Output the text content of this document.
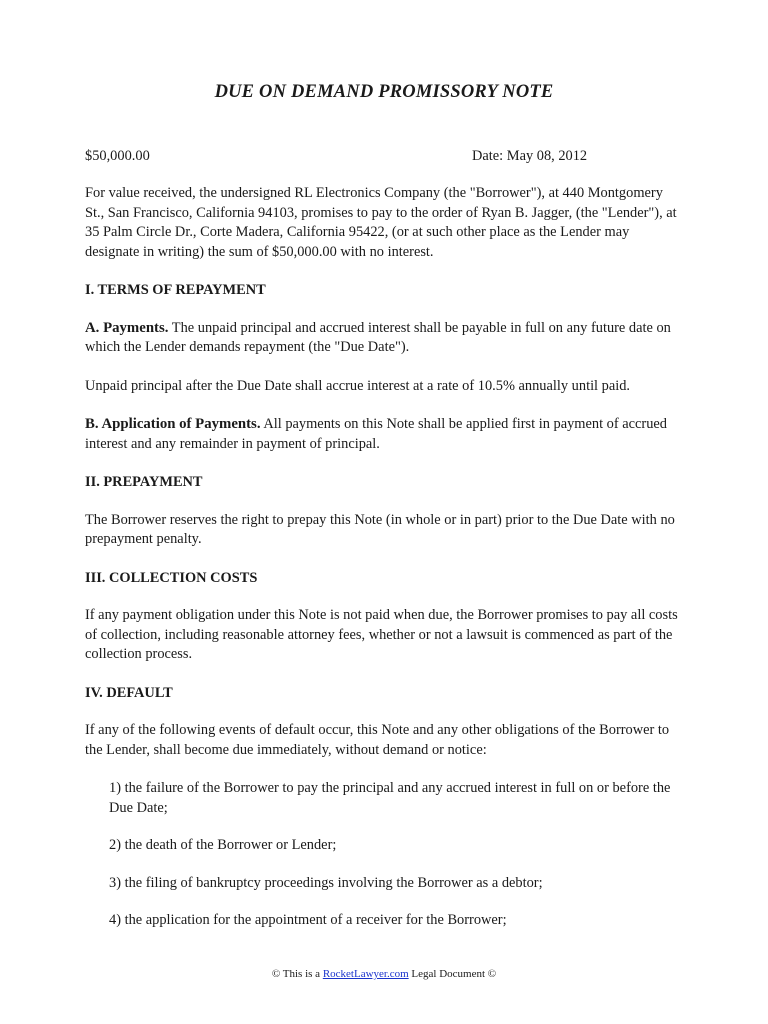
DUE ON DEMAND PROMISSORY NOTE
$50,000.00	Date: May 08, 2012

For value received, the undersigned RL Electronics Company (the "Borrower"), at 440 Montgomery St., San Francisco, California 94103, promises to pay to the order of Ryan B. Jagger, (the "Lender"), at 35 Palm Circle Dr., Corte Madera, California 95422, (or at such other place as the Lender may designate in writing) the sum of $50,000.00 with no interest.

I. TERMS OF REPAYMENT

A. Payments. The unpaid principal and accrued interest shall be payable in full on any future date on which the Lender demands repayment (the "Due Date").

Unpaid principal after the Due Date shall accrue interest at a rate of 10.5% annually until paid.

B. Application of Payments. All payments on this Note shall be applied first in payment of accrued interest and any remainder in payment of principal.

II. PREPAYMENT

The Borrower reserves the right to prepay this Note (in whole or in part) prior to the Due Date with no prepayment penalty.

III. COLLECTION COSTS

If any payment obligation under this Note is not paid when due, the Borrower promises to pay all costs of collection, including reasonable attorney fees, whether or not a lawsuit is commenced as part of the collection process.

IV. DEFAULT

If any of the following events of default occur, this Note and any other obligations of the Borrower to the Lender, shall become due immediately, without demand or notice:

1) the failure of the Borrower to pay the principal and any accrued interest in full on or before the Due Date;

2) the death of the Borrower or Lender;

3) the filing of bankruptcy proceedings involving the Borrower as a debtor;

4) the application for the appointment of a receiver for the Borrower;

© This is a RocketLawyer.com Legal Document ©
